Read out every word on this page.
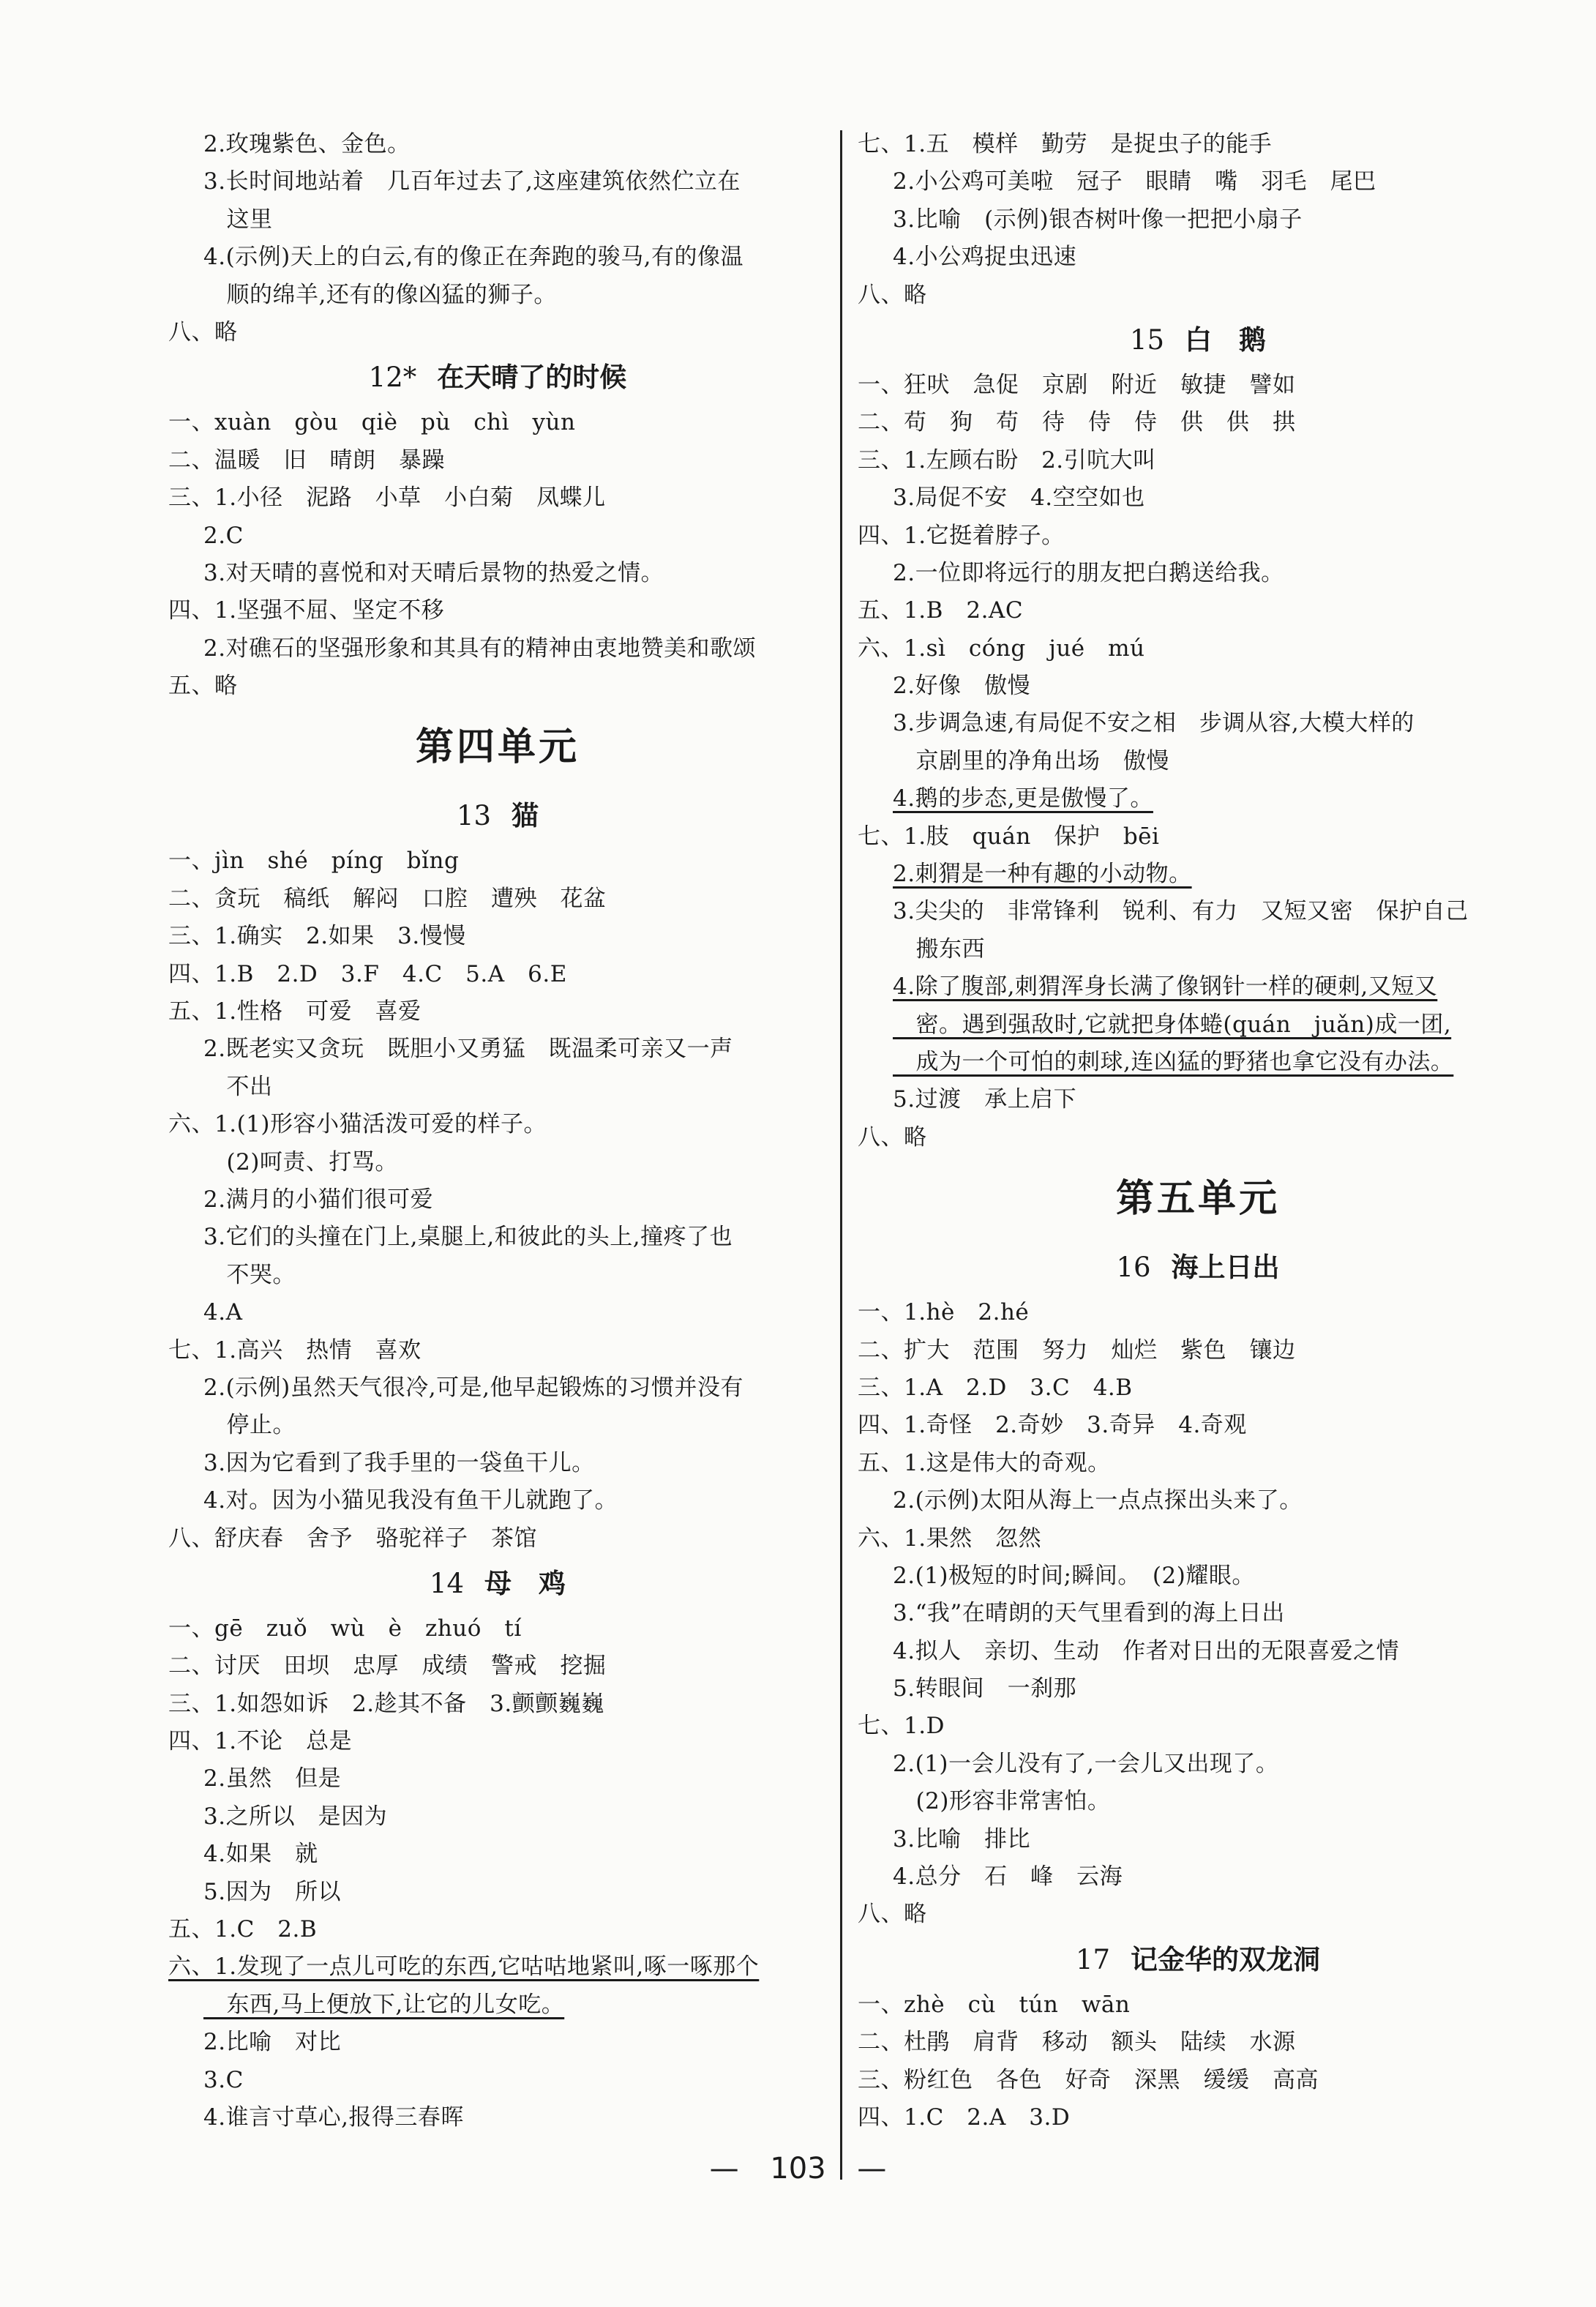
2.玫瑰紫色、金色。
3.长时间地站着　几百年过去了,这座建筑依然伫立在
　这里
4.(示例)天上的白云,有的像正在奔跑的骏马,有的像温
　顺的绵羊,还有的像凶猛的狮子。
八、略
12* 在天晴了的时候
一、xuàn　gòu　qiè　pù　chì　yùn
二、温暖　旧　晴朗　暴躁
三、1.小径　泥路　小草　小白菊　凤蝶儿
2.C
3.对天晴的喜悦和对天晴后景物的热爱之情。
四、1.坚强不屈、坚定不移
2.对礁石的坚强形象和其具有的精神由衷地赞美和歌颂
五、略
第四单元
13 猫
一、jìn　shé　píng　bǐng
二、贪玩　稿纸　解闷　口腔　遭殃　花盆
三、1.确实　2.如果　3.慢慢
四、1.B　2.D　3.F　4.C　5.A　6.E
五、1.性格　可爱　喜爱
2.既老实又贪玩　既胆小又勇猛　既温柔可亲又一声
　不出
六、1.(1)形容小猫活泼可爱的样子。
　(2)呵责、打骂。
2.满月的小猫们很可爱
3.它们的头撞在门上,桌腿上,和彼此的头上,撞疼了也
　不哭。
4.A
七、1.高兴　热情　喜欢
2.(示例)虽然天气很冷,可是,他早起锻炼的习惯并没有
　停止。
3.因为它看到了我手里的一袋鱼干儿。
4.对。因为小猫见我没有鱼干儿就跑了。
八、舒庆春　舍予　骆驼祥子　茶馆
14 母　鸡
一、gē　zuǒ　wù　è　zhuó　tí
二、讨厌　田坝　忠厚　成绩　警戒　挖掘
三、1.如怨如诉　2.趁其不备　3.颤颤巍巍
四、1.不论　总是
2.虽然　但是
3.之所以　是因为
4.如果　就
5.因为　所以
五、1.C　2.B
六、1.发现了一点儿可吃的东西,它咕咕地紧叫,啄一啄那个
　东西,马上便放下,让它的儿女吃。
2.比喻　对比
3.C
4.谁言寸草心,报得三春晖
七、1.五　模样　勤劳　是捉虫子的能手
2.小公鸡可美啦　冠子　眼睛　嘴　羽毛　尾巴
3.比喻　(示例)银杏树叶像一把把小扇子
4.小公鸡捉虫迅速
八、略
15 白　鹅
一、狂吠　急促　京剧　附近　敏捷　譬如
二、苟　狗　苟　待　侍　侍　供　供　拱
三、1.左顾右盼　2.引吭大叫
3.局促不安　4.空空如也
四、1.它挺着脖子。
2.一位即将远行的朋友把白鹅送给我。
五、1.B　2.AC
六、1.sì　cóng　jué　mú
2.好像　傲慢
3.步调急速,有局促不安之相　步调从容,大模大样的
　京剧里的净角出场　傲慢
4.鹅的步态,更是傲慢了。
七、1.肢　quán　保护　bēi
2.刺猬是一种有趣的小动物。
3.尖尖的　非常锋利　锐利、有力　又短又密　保护自己
　搬东西
4.除了腹部,刺猬浑身长满了像钢针一样的硬刺,又短又
　密。遇到强敌时,它就把身体蜷(quán　juǎn)成一团,
　成为一个可怕的刺球,连凶猛的野猪也拿它没有办法。
5.过渡　承上启下
八、略
第五单元
16 海上日出
一、1.hè　2.hé
二、扩大　范围　努力　灿烂　紫色　镶边
三、1.A　2.D　3.C　4.B
四、1.奇怪　2.奇妙　3.奇异　4.奇观
五、1.这是伟大的奇观。
2.(示例)太阳从海上一点点探出头来了。
六、1.果然　忽然
2.(1)极短的时间;瞬间。　(2)耀眼。
3.“我”在晴朗的天气里看到的海上日出
4.拟人　亲切、生动　作者对日出的无限喜爱之情
5.转眼间　一刹那
七、1.D
2.(1)一会儿没有了,一会儿又出现了。
　(2)形容非常害怕。
3.比喻　排比
4.总分　石　峰　云海
八、略
17 记金华的双龙洞
一、zhè　cù　tún　wān
二、杜鹃　肩背　移动　额头　陆续　水源
三、粉红色　各色　好奇　深黑　缓缓　高高
四、1.C　2.A　3.D
— 103 —
